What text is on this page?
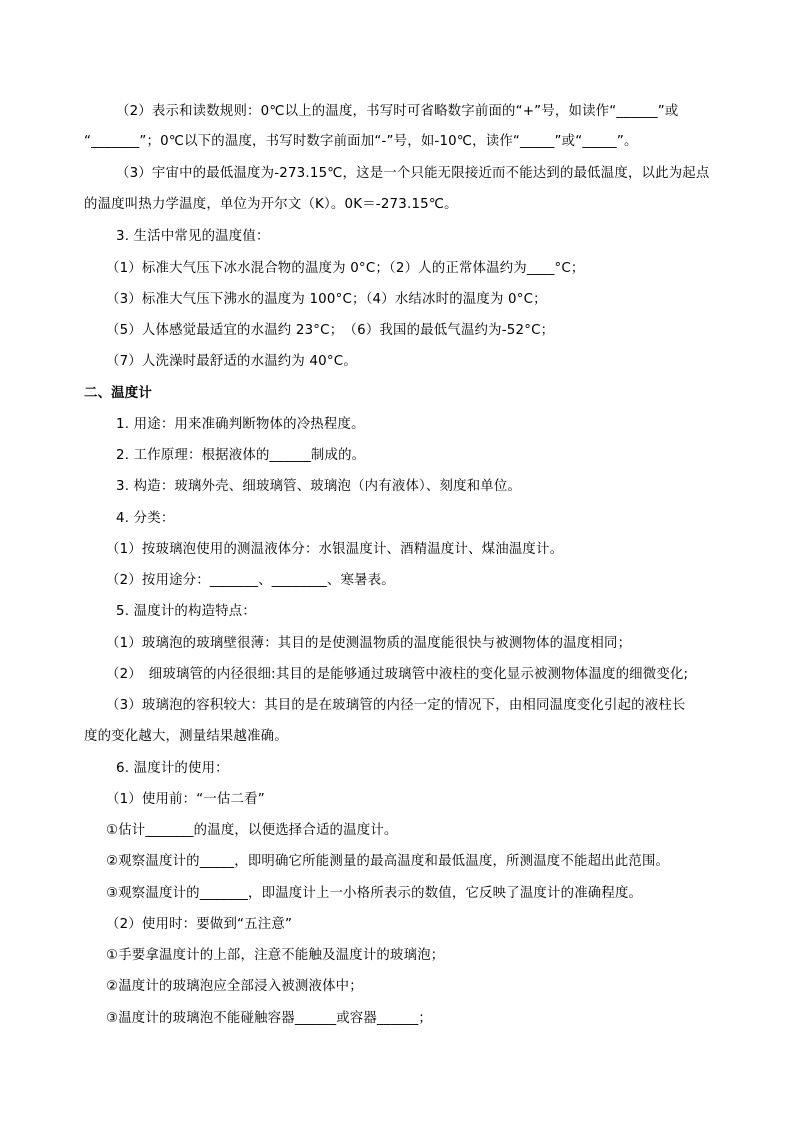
（2）表示和读数规则：0℃以上的温度，书写时可省略数字前面的“+”号，如读作“______”或
“_______”；0℃以下的温度，书写时数字前面加“-”号，如-10℃，读作“_____”或“_____”。
（3）宇宙中的最低温度为-273.15℃，这是一个只能无限接近而不能达到的最低温度，以此为起点
的温度叫热力学温度，单位为开尔文（K）。0K＝-273.15℃。
3. 生活中常见的温度值：
（1）标准大气压下冰水混合物的温度为 0°C；（2）人的正常体温约为____°C；
（3）标准大气压下沸水的温度为 100°C；（4）水结冰时的温度为 0°C；
（5）人体感觉最适宜的水温约 23°C；　（6）我国的最低气温约为-52°C；
（7）人洗澡时最舒适的水温约为 40°C。
二、温度计
1. 用途：用来准确判断物体的冷热程度。
2. 工作原理：根据液体的______制成的。
3. 构造：玻璃外壳、细玻璃管、玻璃泡（内有液体）、刻度和单位。
4. 分类：
（1）按玻璃泡使用的测温液体分：水银温度计、酒精温度计、煤油温度计。
（2）按用途分：_______、________、寒暑表。
5. 温度计的构造特点：
（1）玻璃泡的玻璃壁很薄：其目的是使测温物质的温度能很快与被测物体的温度相同；
（2）　细玻璃管的内径很细:其目的是能够通过玻璃管中液柱的变化显示被测物体温度的细微变化;
（3）玻璃泡的容积较大：其目的是在玻璃管的内径一定的情况下，由相同温度变化引起的液柱长
度的变化越大，测量结果越准确。
6. 温度计的使用：
（1）使用前：“一估二看”
①估计_______的温度，以便选择合适的温度计。
②观察温度计的_____，即明确它所能测量的最高温度和最低温度，所测温度不能超出此范围。
③观察温度计的_______，即温度计上一小格所表示的数值，它反映了温度计的准确程度。
（2）使用时：要做到“五注意”
①手要拿温度计的上部，注意不能触及温度计的玻璃泡；
②温度计的玻璃泡应全部浸入被测液体中；
③温度计的玻璃泡不能碰触容器______或容器______；
